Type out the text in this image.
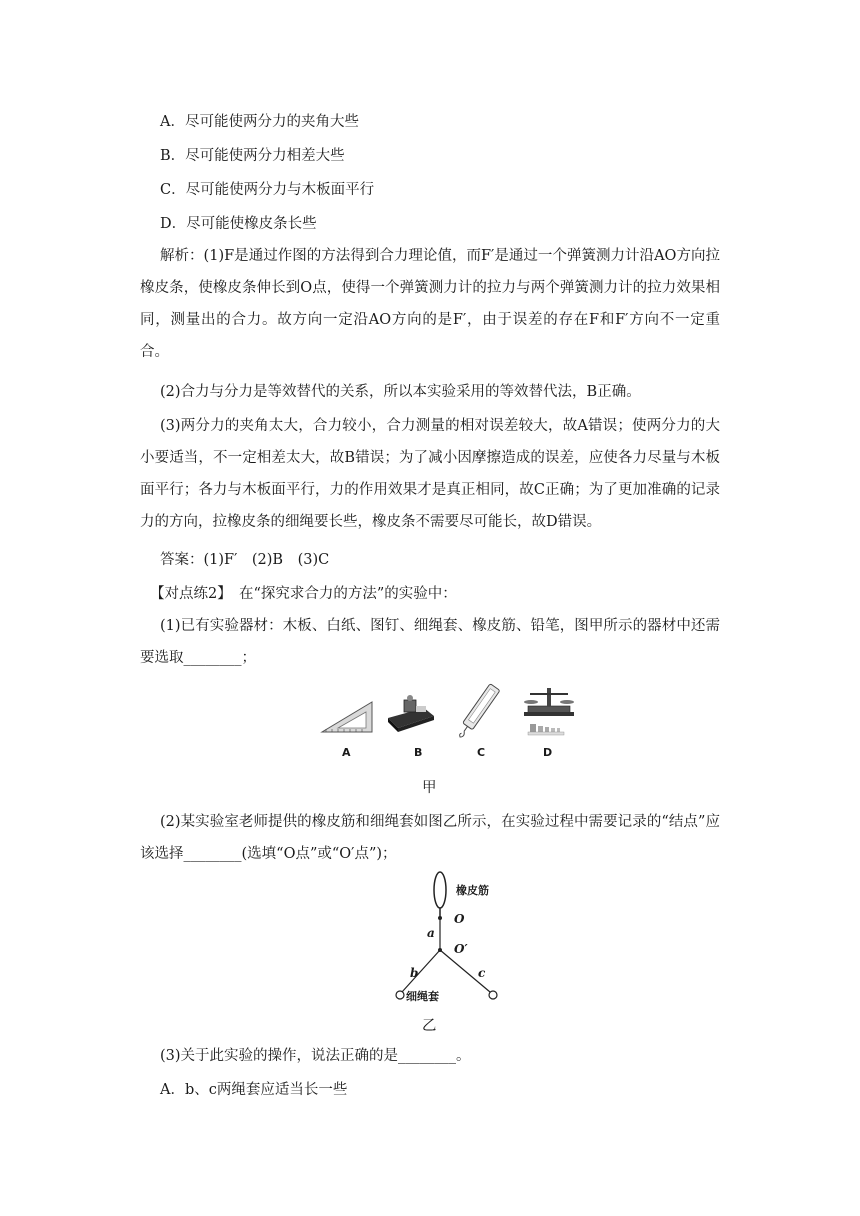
A．尽可能使两分力的夹角大些
B．尽可能使两分力相差大些
C．尽可能使两分力与木板面平行
D．尽可能使橡皮条长些
解析：(1)F是通过作图的方法得到合力理论值，而F′是通过一个弹簧测力计沿AO方向拉橡皮条，使橡皮条伸长到O点，使得一个弹簧测力计的拉力与两个弹簧测力计的拉力效果相同，测量出的合力。故方向一定沿AO方向的是F′，由于误差的存在F和F′方向不一定重合。
(2)合力与分力是等效替代的关系，所以本实验采用的等效替代法，B正确。
(3)两分力的夹角太大，合力较小，合力测量的相对误差较大，故A错误；使两分力的大小要适当，不一定相差太大，故B错误；为了减小因摩擦造成的误差，应使各力尽量与木板面平行；各力与木板面平行，力的作用效果才是真正相同，故C正确；为了更加准确的记录力的方向，拉橡皮条的细绳要长些，橡皮条不需要尽可能长，故D错误。
答案：(1)F′　(2)B　(3)C
【对点练2】　在“探究求合力的方法”的实验中：
(1)已有实验器材：木板、白纸、图钉、细绳套、橡皮筋、铅笔，图甲所示的器材中还需要选取________；
A	B	C	D
甲
(2)某实验室老师提供的橡皮筋和细绳套如图乙所示，在实验过程中需要记录的“结点”应该选择________(选填“O点”或“O′点”)；
橡皮筋
O
O′
a
b	c
细绳套
乙
(3)关于此实验的操作，说法正确的是________。
A．b、c两绳套应适当长一些
